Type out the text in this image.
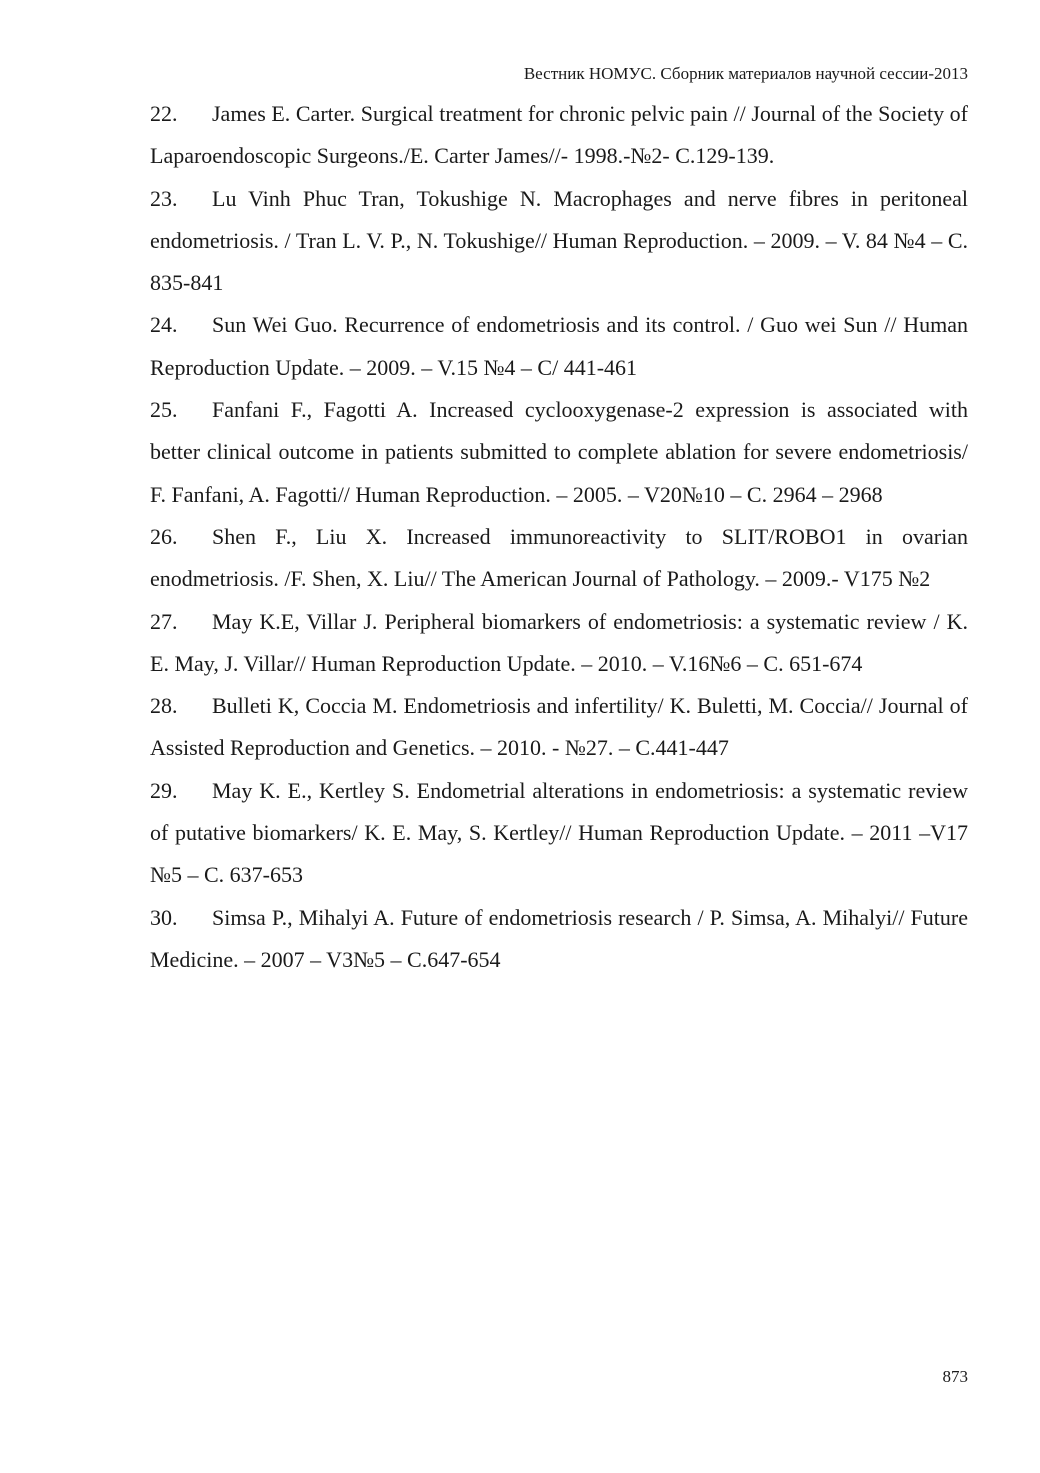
Вестник НОМУС. Сборник материалов научной сессии-2013
22. James E. Carter. Surgical treatment for chronic pelvic pain // Journal of the Society of Laparoendoscopic Surgeons./E. Carter James//- 1998.-№2- C.129-139.
23. Lu Vinh Phuc Tran, Tokushige N. Macrophages and nerve fibres in peritoneal endometriosis. / Tran L. V. P., N. Tokushige// Human Reproduction. – 2009. – V. 84 №4 – C. 835-841
24. Sun Wei Guo. Recurrence of endometriosis and its control. / Guo wei Sun // Human Reproduction Update. – 2009. – V.15 №4 – C/ 441-461
25. Fanfani F., Fagotti A. Increased cyclooxygenase-2 expression is associated with better clinical outcome in patients submitted to complete ablation for severe endometriosis/ F. Fanfani, A. Fagotti// Human Reproduction. – 2005. – V20№10 – C. 2964 – 2968
26. Shen F., Liu X. Increased immunoreactivity to SLIT/ROBO1 in ovarian enodmetriosis. /F. Shen, X. Liu// The American Journal of Pathology. – 2009.- V175 №2
27. May K.E, Villar J. Peripheral biomarkers of endometriosis: a systematic review / K. E. May, J. Villar// Human Reproduction Update. – 2010. – V.16№6 – C. 651-674
28. Bulleti K, Coccia M. Endometriosis and infertility/ K. Buletti, M. Coccia// Journal of Assisted Reproduction and Genetics. – 2010. - №27. – C.441-447
29. May K. E., Kertley S. Endometrial alterations in endometriosis: a systematic review of putative biomarkers/ K. E. May, S. Kertley// Human Reproduction Update. – 2011 –V17 №5 – C. 637-653
30. Simsa P., Mihalyi A. Future of endometriosis research / P. Simsa, A. Mihalyi// Future Medicine. – 2007 – V3№5 – C.647-654
873
